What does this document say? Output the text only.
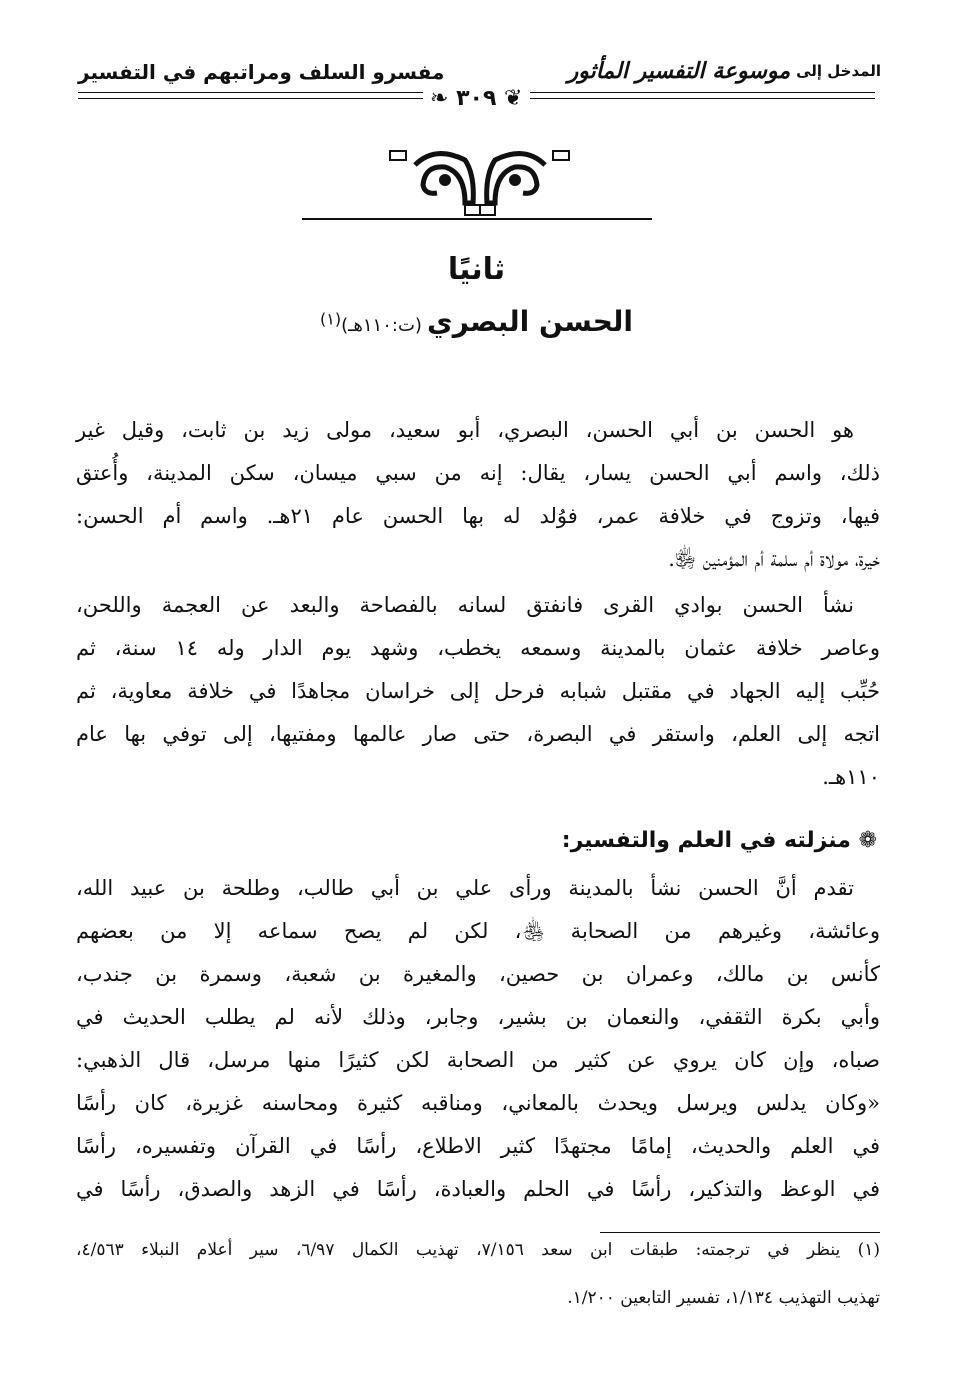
مفسرو السلف ومراتبهم في التفسير	المدخل إلى
موسوعة التفسير المأثور
❦ ٣٠٩ ❧
ثانيًا
الحسن البصري (ت:١١٠هـ)$^{(١)}$
هو الحسن بن أبي الحسن، البصري، أبو سعيد، مولى زيد بن ثابت، وقيل غير
ذلك، واسم أبي الحسن يسار، يقال: إنه من سبي ميسان، سكن المدينة، وأُعتق
فيها، وتزوج في خلافة عمر، فوُلد له بها الحسن عام ٢١هـ. واسم أم الحسن:
خيرة، مولاة أم سلمة أم المؤمنين ﵂.
نشأ الحسن بوادي القرى فانفتق لسانه بالفصاحة والبعد عن العجمة واللحن،
وعاصر خلافة عثمان بالمدينة وسمعه يخطب، وشهد يوم الدار وله ١٤ سنة، ثم
حُبِّب إليه الجهاد في مقتبل شبابه فرحل إلى خراسان مجاهدًا في خلافة معاوية، ثم
اتجه إلى العلم، واستقر في البصرة، حتى صار عالمها ومفتيها، إلى توفي بها عام
١١٠هـ.
❁ منزلته في العلم والتفسير:
تقدم أنَّ الحسن نشأ بالمدينة ورأى علي بن أبي طالب، وطلحة بن عبيد الله،
وعائشة، وغيرهم من الصحابة ﵃، لكن لم يصح سماعه إلا من بعضهم
كأنس بن مالك، وعمران بن حصين، والمغيرة بن شعبة، وسمرة بن جندب،
وأبي بكرة الثقفي، والنعمان بن بشير، وجابر، وذلك لأنه لم يطلب الحديث في
صباه، وإن كان يروي عن كثير من الصحابة لكن كثيرًا منها مرسل، قال الذهبي:
«وكان يدلس ويرسل ويحدث بالمعاني، ومناقبه كثيرة ومحاسنه غزيرة، كان رأسًا
في العلم والحديث، إمامًا مجتهدًا كثير الاطلاع، رأسًا في القرآن وتفسيره، رأسًا
في الوعظ والتذكير، رأسًا في الحلم والعبادة، رأسًا في الزهد والصدق، رأسًا في
(١) ينظر في ترجمته: طبقات ابن سعد ٧/١٥٦، تهذيب الكمال ٦/٩٧، سير أعلام النبلاء ٤/٥٦٣،
تهذيب التهذيب ١/١٣٤، تفسير التابعين ١/٢٠٠.
